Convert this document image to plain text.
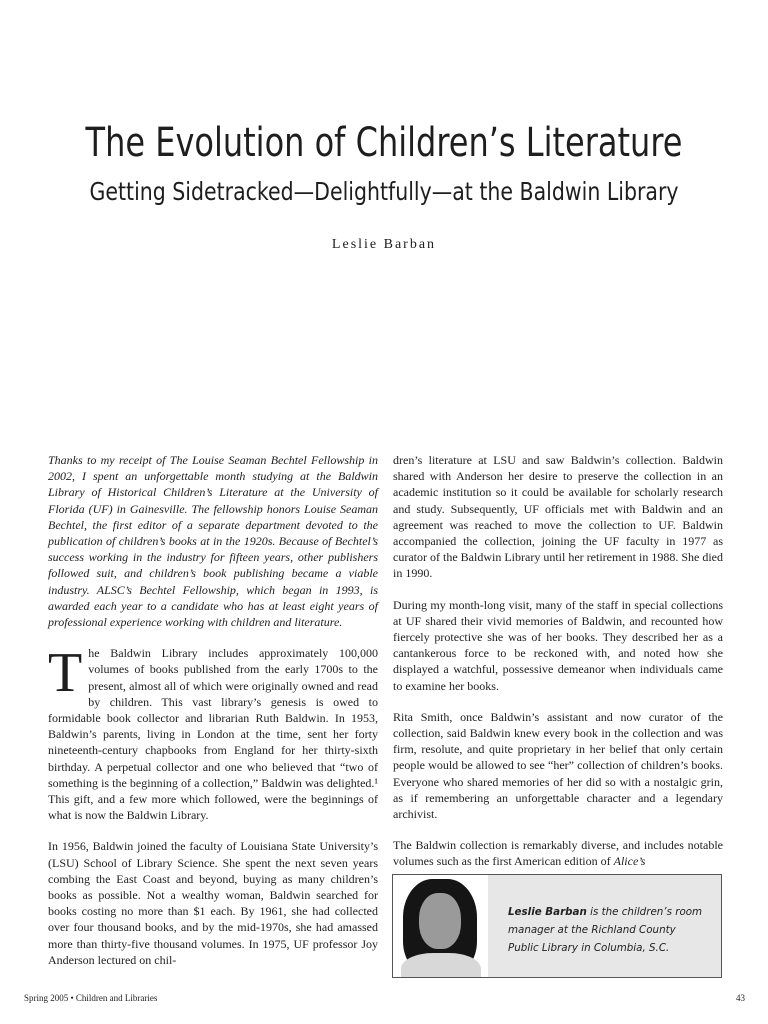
The Evolution of Children’s Literature
Getting Sidetracked—Delightfully—at the Baldwin Library
Leslie Barban

Thanks to my receipt of The Louise Seaman Bechtel Fellowship in 2002, I spent an unforgettable month studying at the Baldwin Library of Historical Children’s Literature at the University of Florida (UF) in Gainesville. The fellowship honors Louise Seaman Bechtel, the first editor of a separate department devoted to the publication of children’s books at in the 1920s. Because of Bechtel’s success working in the industry for fifteen years, other publishers followed suit, and children’s book publishing became a viable industry. ALSC’s Bechtel Fellowship, which began in 1993, is awarded each year to a candidate who has at least eight years of professional experience working with children and literature.

The Baldwin Library includes approximately 100,000 volumes of books published from the early 1700s to the present, almost all of which were originally owned and read by children. This vast library’s genesis is owed to formidable book collector and librarian Ruth Baldwin. In 1953, Baldwin’s parents, living in London at the time, sent her forty nineteenth-century chapbooks from England for her thirty-sixth birthday. A perpetual collector and one who believed that “two of something is the beginning of a collection,” Baldwin was delighted.¹ This gift, and a few more which followed, were the beginnings of what is now the Baldwin Library.

In 1956, Baldwin joined the faculty of Louisiana State University’s (LSU) School of Library Science. She spent the next seven years combing the East Coast and beyond, buying as many children’s books as possible. Not a wealthy woman, Baldwin searched for books costing no more than $1 each. By 1961, she had collected over four thousand books, and by the mid-1970s, she had amassed more than thirty-five thousand volumes. In 1975, UF professor Joy Anderson lectured on chil-

dren’s literature at LSU and saw Baldwin’s collection. Baldwin shared with Anderson her desire to preserve the collection in an academic institution so it could be available for scholarly research and study. Subsequently, UF officials met with Baldwin and an agreement was reached to move the collection to UF. Baldwin accompanied the collection, joining the UF faculty in 1977 as curator of the Baldwin Library until her retirement in 1988. She died in 1990.

During my month-long visit, many of the staff in special collections at UF shared their vivid memories of Baldwin, and recounted how fiercely protective she was of her books. They described her as a cantankerous force to be reckoned with, and noted how she displayed a watchful, possessive demeanor when individuals came to examine her books.

Rita Smith, once Baldwin’s assistant and now curator of the collection, said Baldwin knew every book in the collection and was firm, resolute, and quite proprietary in her belief that only certain people would be allowed to see “her” collection of children’s books. Everyone who shared memories of her did so with a nostalgic grin, as if remembering an unforgettable character and a legendary archivist.

The Baldwin collection is remarkably diverse, and includes notable volumes such as the first American edition of Alice’s

Leslie Barban is the children’s room manager at the Richland County Public Library in Columbia, S.C.
Spring 2005 • Children and Libraries	43
